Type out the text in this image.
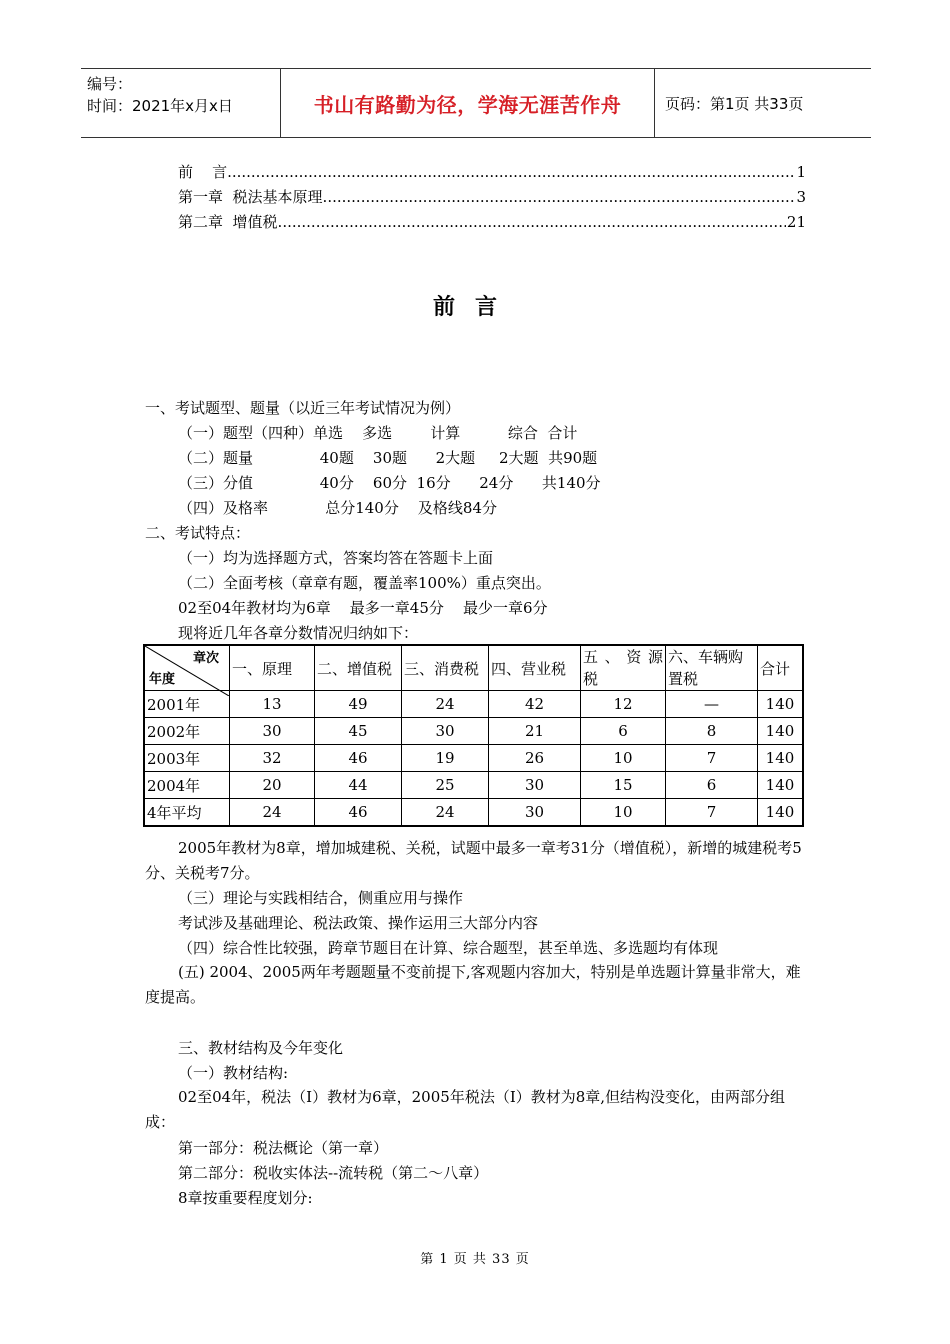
编号：
时间：2021年x月x日	书山有路勤为径，学海无涯苦作舟	页码：第1页 共33页
前    言 .....	1
第一章  税法基本原理 .....	3
第二章  增值税 .....	21
前言
一、考试题型、题量（以近三年考试情况为例）
（一）题型（四种）单选    多选        计算          综合  合计
（二）题量              40题    30题      2大题     2大题  共90题
（三）分值              40分    60分  16分      24分      共140分
（四）及格率            总分140分    及格线84分
二、考试特点：
（一）均为选择题方式，答案均答在答题卡上面
（二）全面考核（章章有题，覆盖率100%）重点突出。
02至04年教材均为6章    最多一章45分    最少一章6分
现将近几年各章分数情况归纳如下：
章次
年度	一、原理	二、增值税	三、消费税	四、营业税	五 、 资 源 税	六、车辆购置税	合计
2001年	13	49	24	42	12	—	140
2002年	30	45	30	21	6	8	140
2003年	32	46	19	26	10	7	140
2004年	20	44	25	30	15	6	140
4年平均	24	46	24	30	10	7	140
2005年教材为8章，增加城建税、关税，试题中最多一章考31分（增值税），新增的城建税考5分、关税考7分。
（三）理论与实践相结合，侧重应用与操作
考试涉及基础理论、税法政策、操作运用三大部分内容
（四）综合性比较强，跨章节题目在计算、综合题型，甚至单选、多选题均有体现
(五) 2004、2005两年考题题量不变前提下,客观题内容加大，特别是单选题计算量非常大，难度提高。
三、教材结构及今年变化
（一）教材结构:
02至04年，税法（Ⅰ）教材为6章，2005年税法（Ⅰ）教材为8章,但结构没变化，由两部分组成：
第一部分：税法概论（第一章）
第二部分：税收实体法--流转税（第二～八章）
8章按重要程度划分:
第 1 页 共 33 页
